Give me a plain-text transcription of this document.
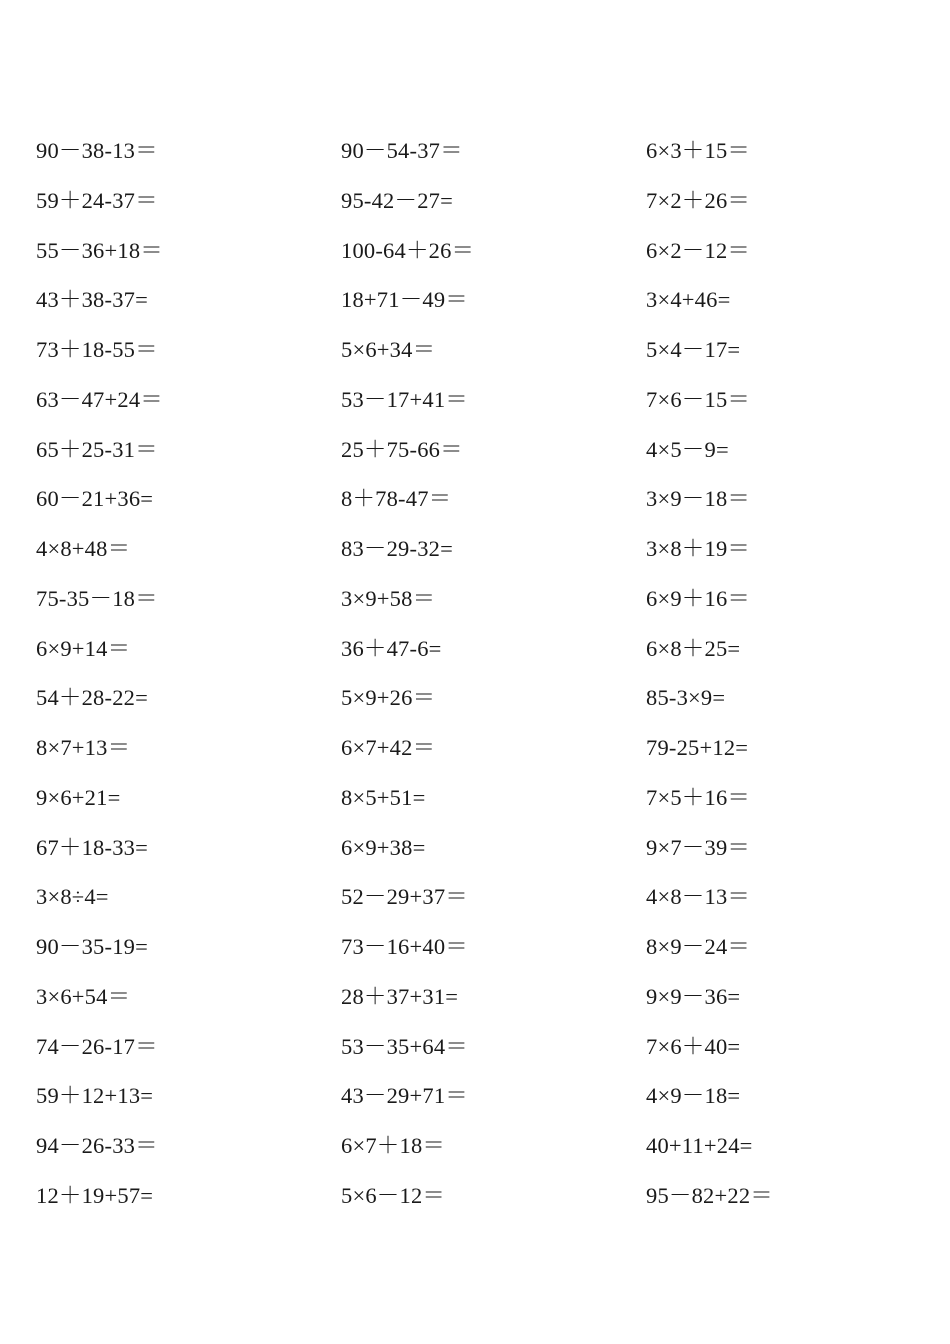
90－38-13＝	90－54-37＝	6×3＋15＝
59＋24-37＝	95-42－27=	7×2＋26＝
55－36+18＝	100-64＋26＝	6×2－12＝
43＋38-37=	18+71－49＝	3×4+46=
73＋18-55＝	5×6+34＝	5×4－17=
63－47+24＝	53－17+41＝	7×6－15＝
65＋25-31＝	25＋75-66＝	4×5－9=
60－21+36=	8＋78-47＝	3×9－18＝
4×8+48＝	83－29-32=	3×8＋19＝
75-35－18＝	3×9+58＝	6×9＋16＝
6×9+14＝	36＋47-6=	6×8＋25=
54＋28-22=	5×9+26＝	85-3×9=
8×7+13＝	6×7+42＝	79-25+12=
9×6+21=	8×5+51=	7×5＋16＝
67＋18-33=	6×9+38=	9×7－39＝
3×8÷4=	52－29+37＝	4×8－13＝
90－35-19=	73－16+40＝	8×9－24＝
3×6+54＝	28＋37+31=	9×9－36=
74－26-17＝	53－35+64＝	7×6＋40=
59＋12+13=	43－29+71＝	4×9－18=
94－26-33＝	6×7＋18＝	40+11+24=
12＋19+57=	5×6－12＝	95－82+22＝
